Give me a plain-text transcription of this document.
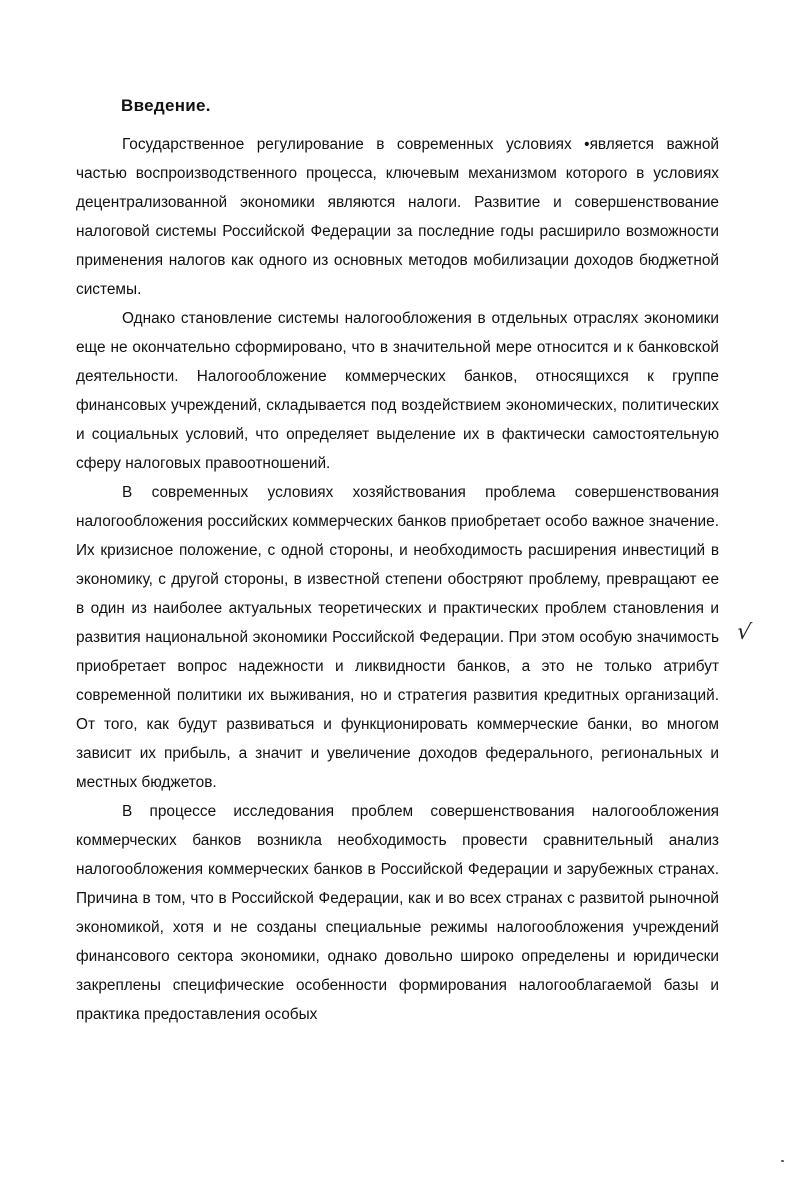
Введение.

Государственное регулирование в современных условиях •является важной частью воспроизводственного процесса, ключевым механизмом которого в условиях децентрализованной экономики являются налоги. Развитие и совершенствование налоговой системы Российской Федерации за последние годы расширило возможности применения налогов как одного из основных методов мобилизации доходов бюджетной системы.

Однако становление системы налогообложения в отдельных отраслях экономики еще не окончательно сформировано, что в значительной мере относится и к банковской деятельности. Налогообложение коммерческих банков, относящихся к группе финансовых учреждений, складывается под воздействием экономических, политических и социальных условий, что определяет выделение их в фактически самостоятельную сферу налоговых правоотношений.

В современных условиях хозяйствования проблема совершенствования налогообложения российских коммерческих банков приобретает особо важное значение. Их кризисное положение, с одной стороны, и необходимость расширения инвестиций в экономику, с другой стороны, в известной степени обостряют проблему, превращают ее в один из наиболее актуальных теоретических и практических проблем становления и развития национальной экономики Российской Федерации. При этом особую значимость приобретает вопрос надежности и ликвидности банков, а это не только атрибут современной политики их выживания, но и стратегия развития кредитных организаций. От того, как будут развиваться и функционировать коммерческие банки, во многом зависит их прибыль, а значит и увеличение доходов федерального, региональных и местных бюджетов.

В процессе исследования проблем совершенствования налогообложения коммерческих банков возникла необходимость провести сравнительный анализ налогообложения коммерческих банков в Российской Федерации и зарубежных странах. Причина в том, что в Российской Федерации, как и во всех странах с развитой рыночной экономикой, хотя и не созданы специальные режимы налогообложения учреждений финансового сектора экономики, однако довольно широко определены и юридически закреплены специфические особенности формирования налогооблагаемой базы и практика предоставления особых

√
